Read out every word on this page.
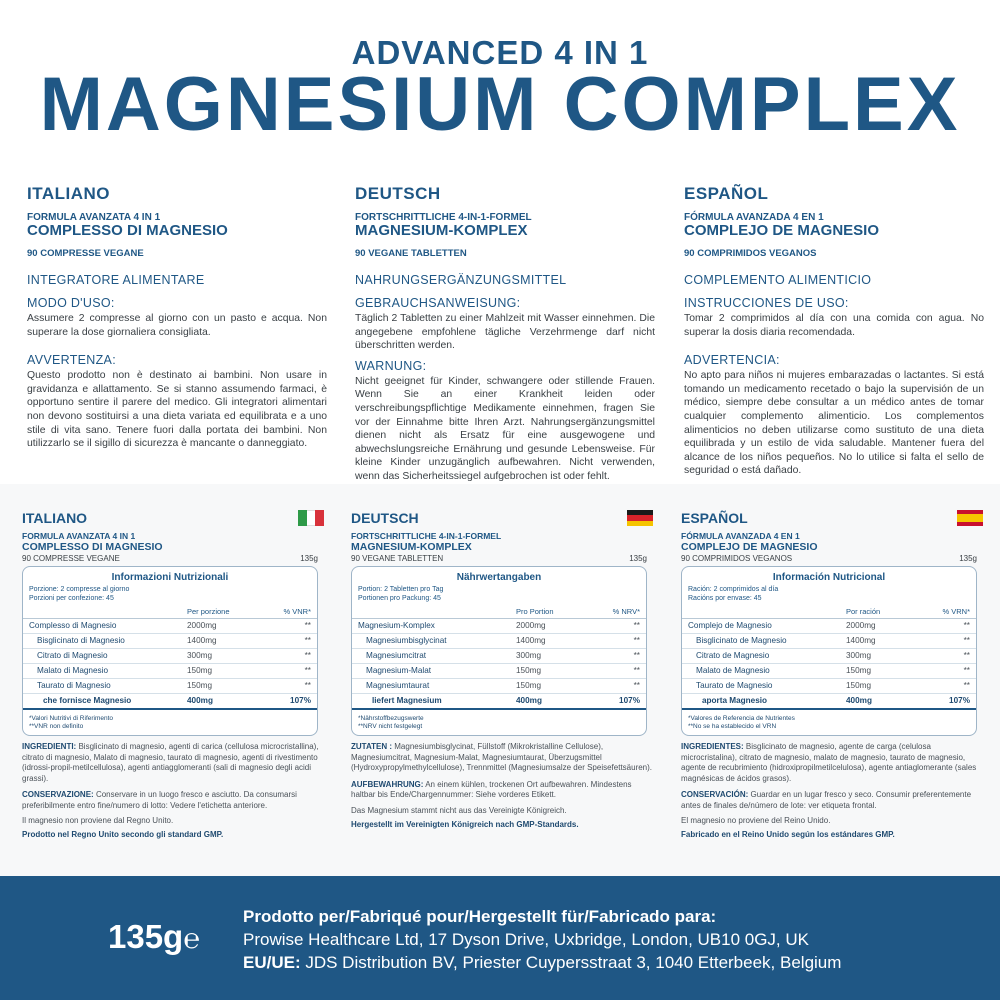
ADVANCED 4 IN 1
MAGNESIUM COMPLEX
ITALIANO
FORMULA AVANZATA 4 IN 1
COMPLESSO DI MAGNESIO
90 COMPRESSE VEGANE
INTEGRATORE ALIMENTARE
MODO D'USO:
Assumere 2 compresse al giorno con un pasto e acqua. Non superare la dose giornaliera consigliata.
AVVERTENZA:
Questo prodotto non è destinato ai bambini. Non usare in gravidanza e allattamento. Se si stanno assumendo farmaci, è opportuno sentire il parere del medico. Gli integratori alimentari non devono sostituirsi a una dieta variata ed equilibrata e a uno stile di vita sano. Tenere fuori dalla portata dei bambini. Non utilizzarlo se il sigillo di sicurezza è mancante o danneggiato.
DEUTSCH
FORTSCHRITTLICHE 4-IN-1-FORMEL
MAGNESIUM-KOMPLEX
90 VEGANE TABLETTEN
NAHRUNGSERGÄNZUNGSMITTEL
GEBRAUCHSANWEISUNG:
Täglich 2 Tabletten zu einer Mahlzeit mit Wasser einnehmen. Die angegebene empfohlene tägliche Verzehrmenge darf nicht überschritten werden.
WARNUNG:
Nicht geeignet für Kinder, schwangere oder stillende Frauen. Wenn Sie an einer Krankheit leiden oder verschreibungspflichtige Medikamente einnehmen, fragen Sie vor der Einnahme bitte Ihren Arzt. Nahrungsergänzungsmittel dienen nicht als Ersatz für eine ausgewogene und abwechslungsreiche Ernährung und gesunde Lebensweise. Für kleine Kinder unzugänglich aufbewahren. Nicht verwenden, wenn das Sicherheitssiegel aufgebrochen ist oder fehlt.
ESPAÑOL
FÓRMULA AVANZADA 4 EN 1
COMPLEJO DE MAGNESIO
90 COMPRIMIDOS VEGANOS
COMPLEMENTO ALIMENTICIO
INSTRUCCIONES DE USO:
Tomar 2 comprimidos al día con una comida con agua. No superar la dosis diaria recomendada.
ADVERTENCIA:
No apto para niños ni mujeres embarazadas o lactantes. Si está tomando un medicamento recetado o bajo la supervisión de un médico, siempre debe consultar a un médico antes de tomar cualquier complemento alimenticio. Los complementos alimenticios no deben utilizarse como sustituto de una dieta equilibrada y un estilo de vida saludable. Mantener fuera del alcance de los niños pequeños. No lo utilice si falta el sello de seguridad o está dañado.
ITALIANO
FORMULA AVANZATA 4 IN 1
COMPLESSO DI MAGNESIO
90 COMPRESSE VEGANE	135g
Informazioni Nutrizionali
Porzione: 2 compresse al giorno
Porzioni per confezione: 45
Per porzione	% VNR*
Complesso di Magnesio	2000mg	**
Bisglicinato di Magnesio	1400mg	**
Citrato di Magnesio	300mg	**
Malato di Magnesio	150mg	**
Taurato di Magnesio	150mg	**
che fornisce Magnesio	400mg	107%
*Valori Nutritivi di Riferimento
**VNR non definito
INGREDIENTI: Bisglicinato di magnesio, agenti di carica (cellulosa microcristallina), citrato di magnesio, Malato di magnesio, taurato di magnesio, agenti di rivestimento (idrossi-propil-metilcellulosa), agenti antiagglomeranti (sali di magnesio degli acidi grassi).
CONSERVAZIONE: Conservare in un luogo fresco e asciutto. Da consumarsi preferibilmente entro fine/numero di lotto: Vedere l'etichetta anteriore.
Il magnesio non proviene dal Regno Unito.
Prodotto nel Regno Unito secondo gli standard GMP.
DEUTSCH
FORTSCHRITTLICHE 4-IN-1-FORMEL
MAGNESIUM-KOMPLEX
90 VEGANE TABLETTEN	135g
Nährwertangaben
Portion: 2 Tabletten pro Tag
Portionen pro Packung: 45
Pro Portion	% NRV*
Magnesium-Komplex	2000mg	**
Magnesiumbisglycinat	1400mg	**
Magnesiumcitrat	300mg	**
Magnesium-Malat	150mg	**
Magnesiumtaurat	150mg	**
liefert Magnesium	400mg	107%
*Nährstoffbezugswerte
**NRV nicht festgelegt
ZUTATEN : Magnesiumbisglycinat, Füllstoff (Mikrokristalline Cellulose), Magnesiumcitrat, Magnesium-Malat, Magnesiumtaurat, Überzugsmittel (Hydroxypropylmethylcellulose), Trennmittel (Magnesiumsalze der Speisefettsäuren).
AUFBEWAHRUNG: An einem kühlen, trockenen Ort aufbewahren. Mindestens haltbar bis Ende/Chargennummer: Siehe vorderes Etikett.
Das Magnesium stammt nicht aus das Vereinigte Königreich.
Hergestellt im Vereinigten Königreich nach GMP-Standards.
ESPAÑOL
FÓRMULA AVANZADA 4 EN 1
COMPLEJO DE MAGNESIO
90 COMPRIMIDOS VEGANOS	135g
Información Nutricional
Ración: 2 comprimidos al día
Racións por envase: 45
Por ración	% VRN*
Complejo de Magnesio	2000mg	**
Bisglicinato de Magnesio	1400mg	**
Citrato de Magnesio	300mg	**
Malato de Magnesio	150mg	**
Taurato de Magnesio	150mg	**
aporta Magnesio	400mg	107%
*Valores de Referencia de Nutrientes
**No se ha establecido el VRN
INGREDIENTES: Bisglicinato de magnesio, agente de carga (celulosa microcristalina), citrato de magnesio, malato de magnesio, taurato de magnesio, agente de recubrimiento (hidroxipropilmetilcelulosa), agente antiaglomerante (sales magnésicas de ácidos grasos).
CONSERVACIÓN: Guardar en un lugar fresco y seco. Consumir preferentemente antes de finales de/número de lote: ver etiqueta frontal.
El magnesio no proviene del Reino Unido.
Fabricado en el Reino Unido según los estándares GMP.
135g℮
Prodotto per/Fabriqué pour/Hergestellt für/Fabricado para:
Prowise Healthcare Ltd, 17 Dyson Drive, Uxbridge, London, UB10 0GJ, UK
EU/UE: JDS Distribution BV, Priester Cuypersstraat 3, 1040 Etterbeek, Belgium
